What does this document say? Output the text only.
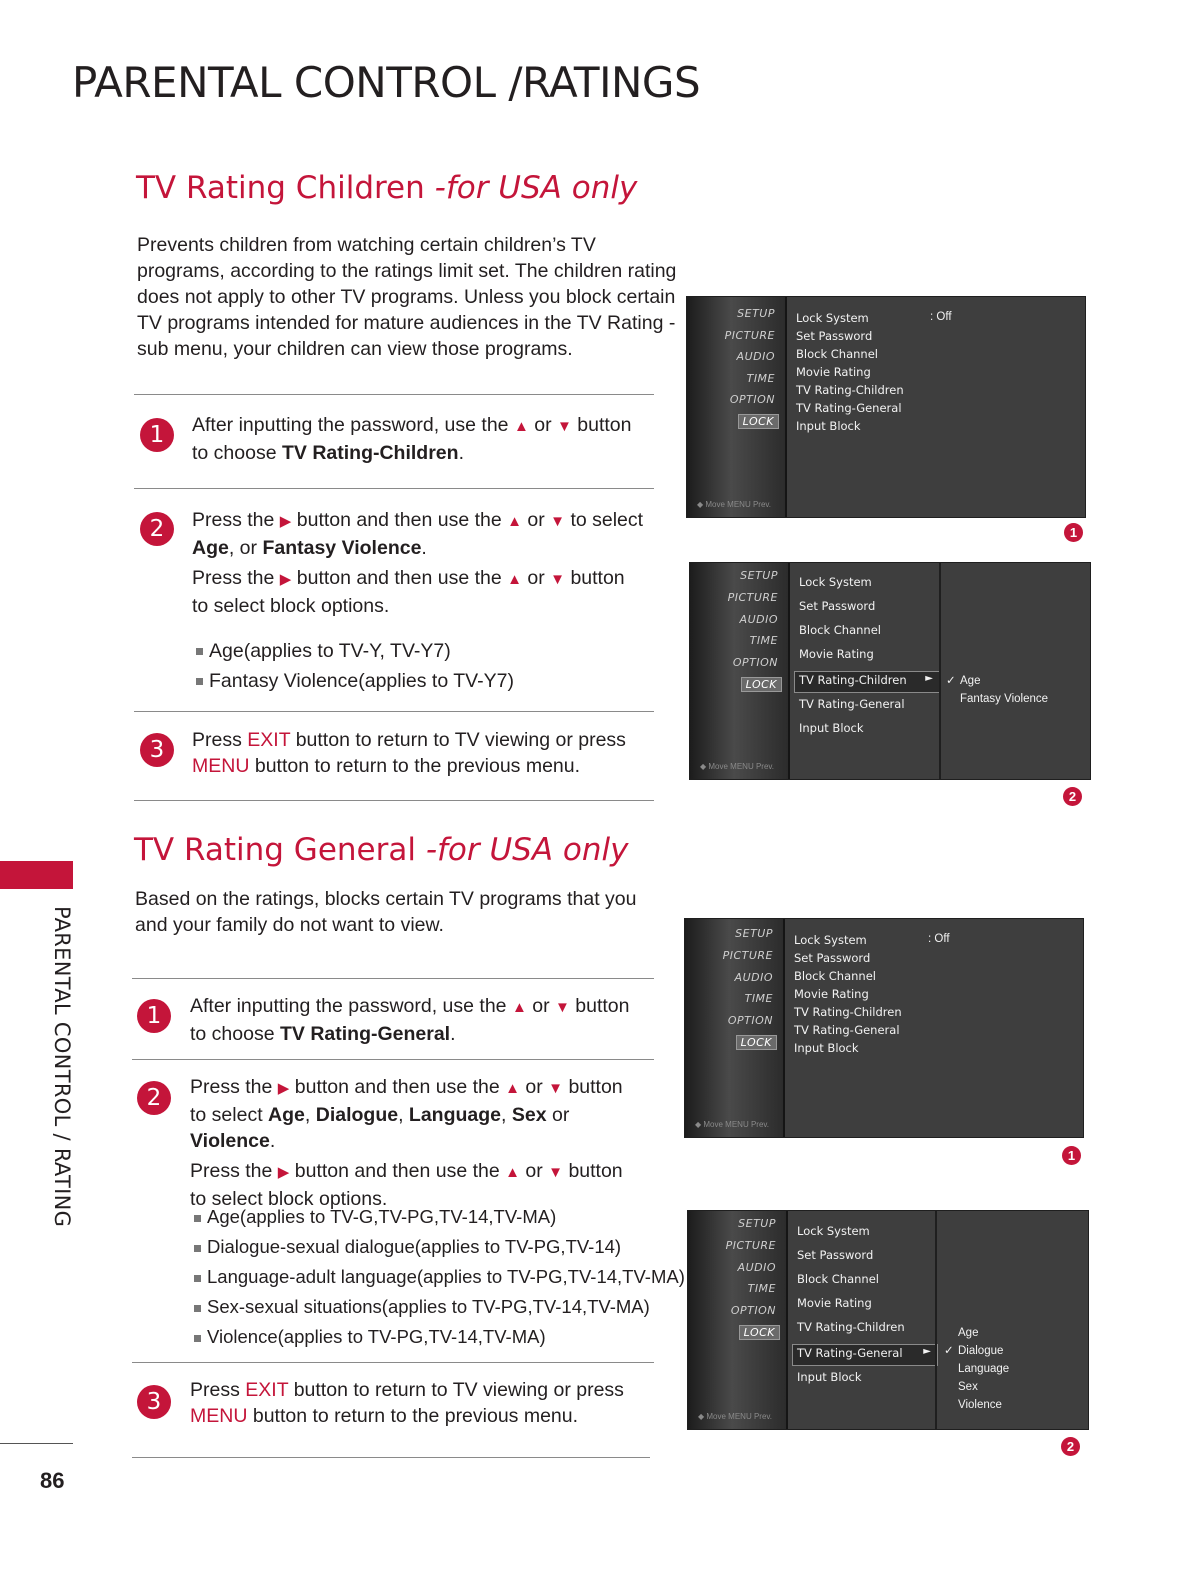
PARENTAL CONTROL /RATINGS
PARENTAL CONTROL / RATING
86
TV Rating Children -for USA only
Prevents children from watching certain children’s TV programs, according to the ratings limit set. The children rating does not apply to other TV programs. Unless you block certain TV programs intended for mature audiences in the TV Rating - sub menu, your children can view those programs.
1	After inputting the password, use the ▲ or ▼ button

to choose TV Rating-Children.

2	Press the ▶ button and then use the ▲ or ▼ to select

Age, or Fantasy Violence.

Press the ▶ button and then use the ▲ or ▼ button

to select block options.

Age(applies to TV-Y, TV-Y7)
Fantasy Violence(applies to TV-Y7)
3	Press EXIT button to return to TV viewing or press

MENU button to return to the previous menu.

TV Rating General -for USA only
Based on the ratings, blocks certain TV programs that you and your family do not want to view.
1	After inputting the password, use the ▲ or ▼ button

to choose TV Rating-General.

2	Press the ▶ button and then use the ▲ or ▼ button

to select Age, Dialogue, Language, Sex or Violence.

Press the ▶ button and then use the ▲ or ▼ button

to select block options.

Age(applies to TV-G,TV-PG,TV-14,TV-MA)
Dialogue-sexual dialogue(applies to TV-PG,TV-14)
Language-adult language(applies to TV-PG,TV-14,TV-MA)
Sex-sexual situations(applies to TV-PG,TV-14,TV-MA)
Violence(applies to TV-PG,TV-14,TV-MA)
3	Press EXIT button to return to TV viewing or press

MENU button to return to the previous menu.

SETUP
PICTURE
AUDIO
TIME
OPTION
LOCK
◆ Move MENU Prev.
Lock System
Set Password
Block Channel
Movie Rating
TV Rating-Children
TV Rating-General
Input Block
: Off
1
SETUP
PICTURE
AUDIO
TIME
OPTION
LOCK
◆ Move MENU Prev.
Lock System
Set Password
Block Channel
Movie Rating
TV Rating-Children ►
TV Rating-General
Input Block
✓ Age
Fantasy Violence
2
SETUP
PICTURE
AUDIO
TIME
OPTION
LOCK
◆ Move MENU Prev.
Lock System
Set Password
Block Channel
Movie Rating
TV Rating-Children
TV Rating-General
Input Block
: Off
1
SETUP
PICTURE
AUDIO
TIME
OPTION
LOCK
◆ Move MENU Prev.
Lock System
Set Password
Block Channel
Movie Rating
TV Rating-Children
TV Rating-General ►
Input Block
Age
✓ Dialogue
Language
Sex
Violence
2
